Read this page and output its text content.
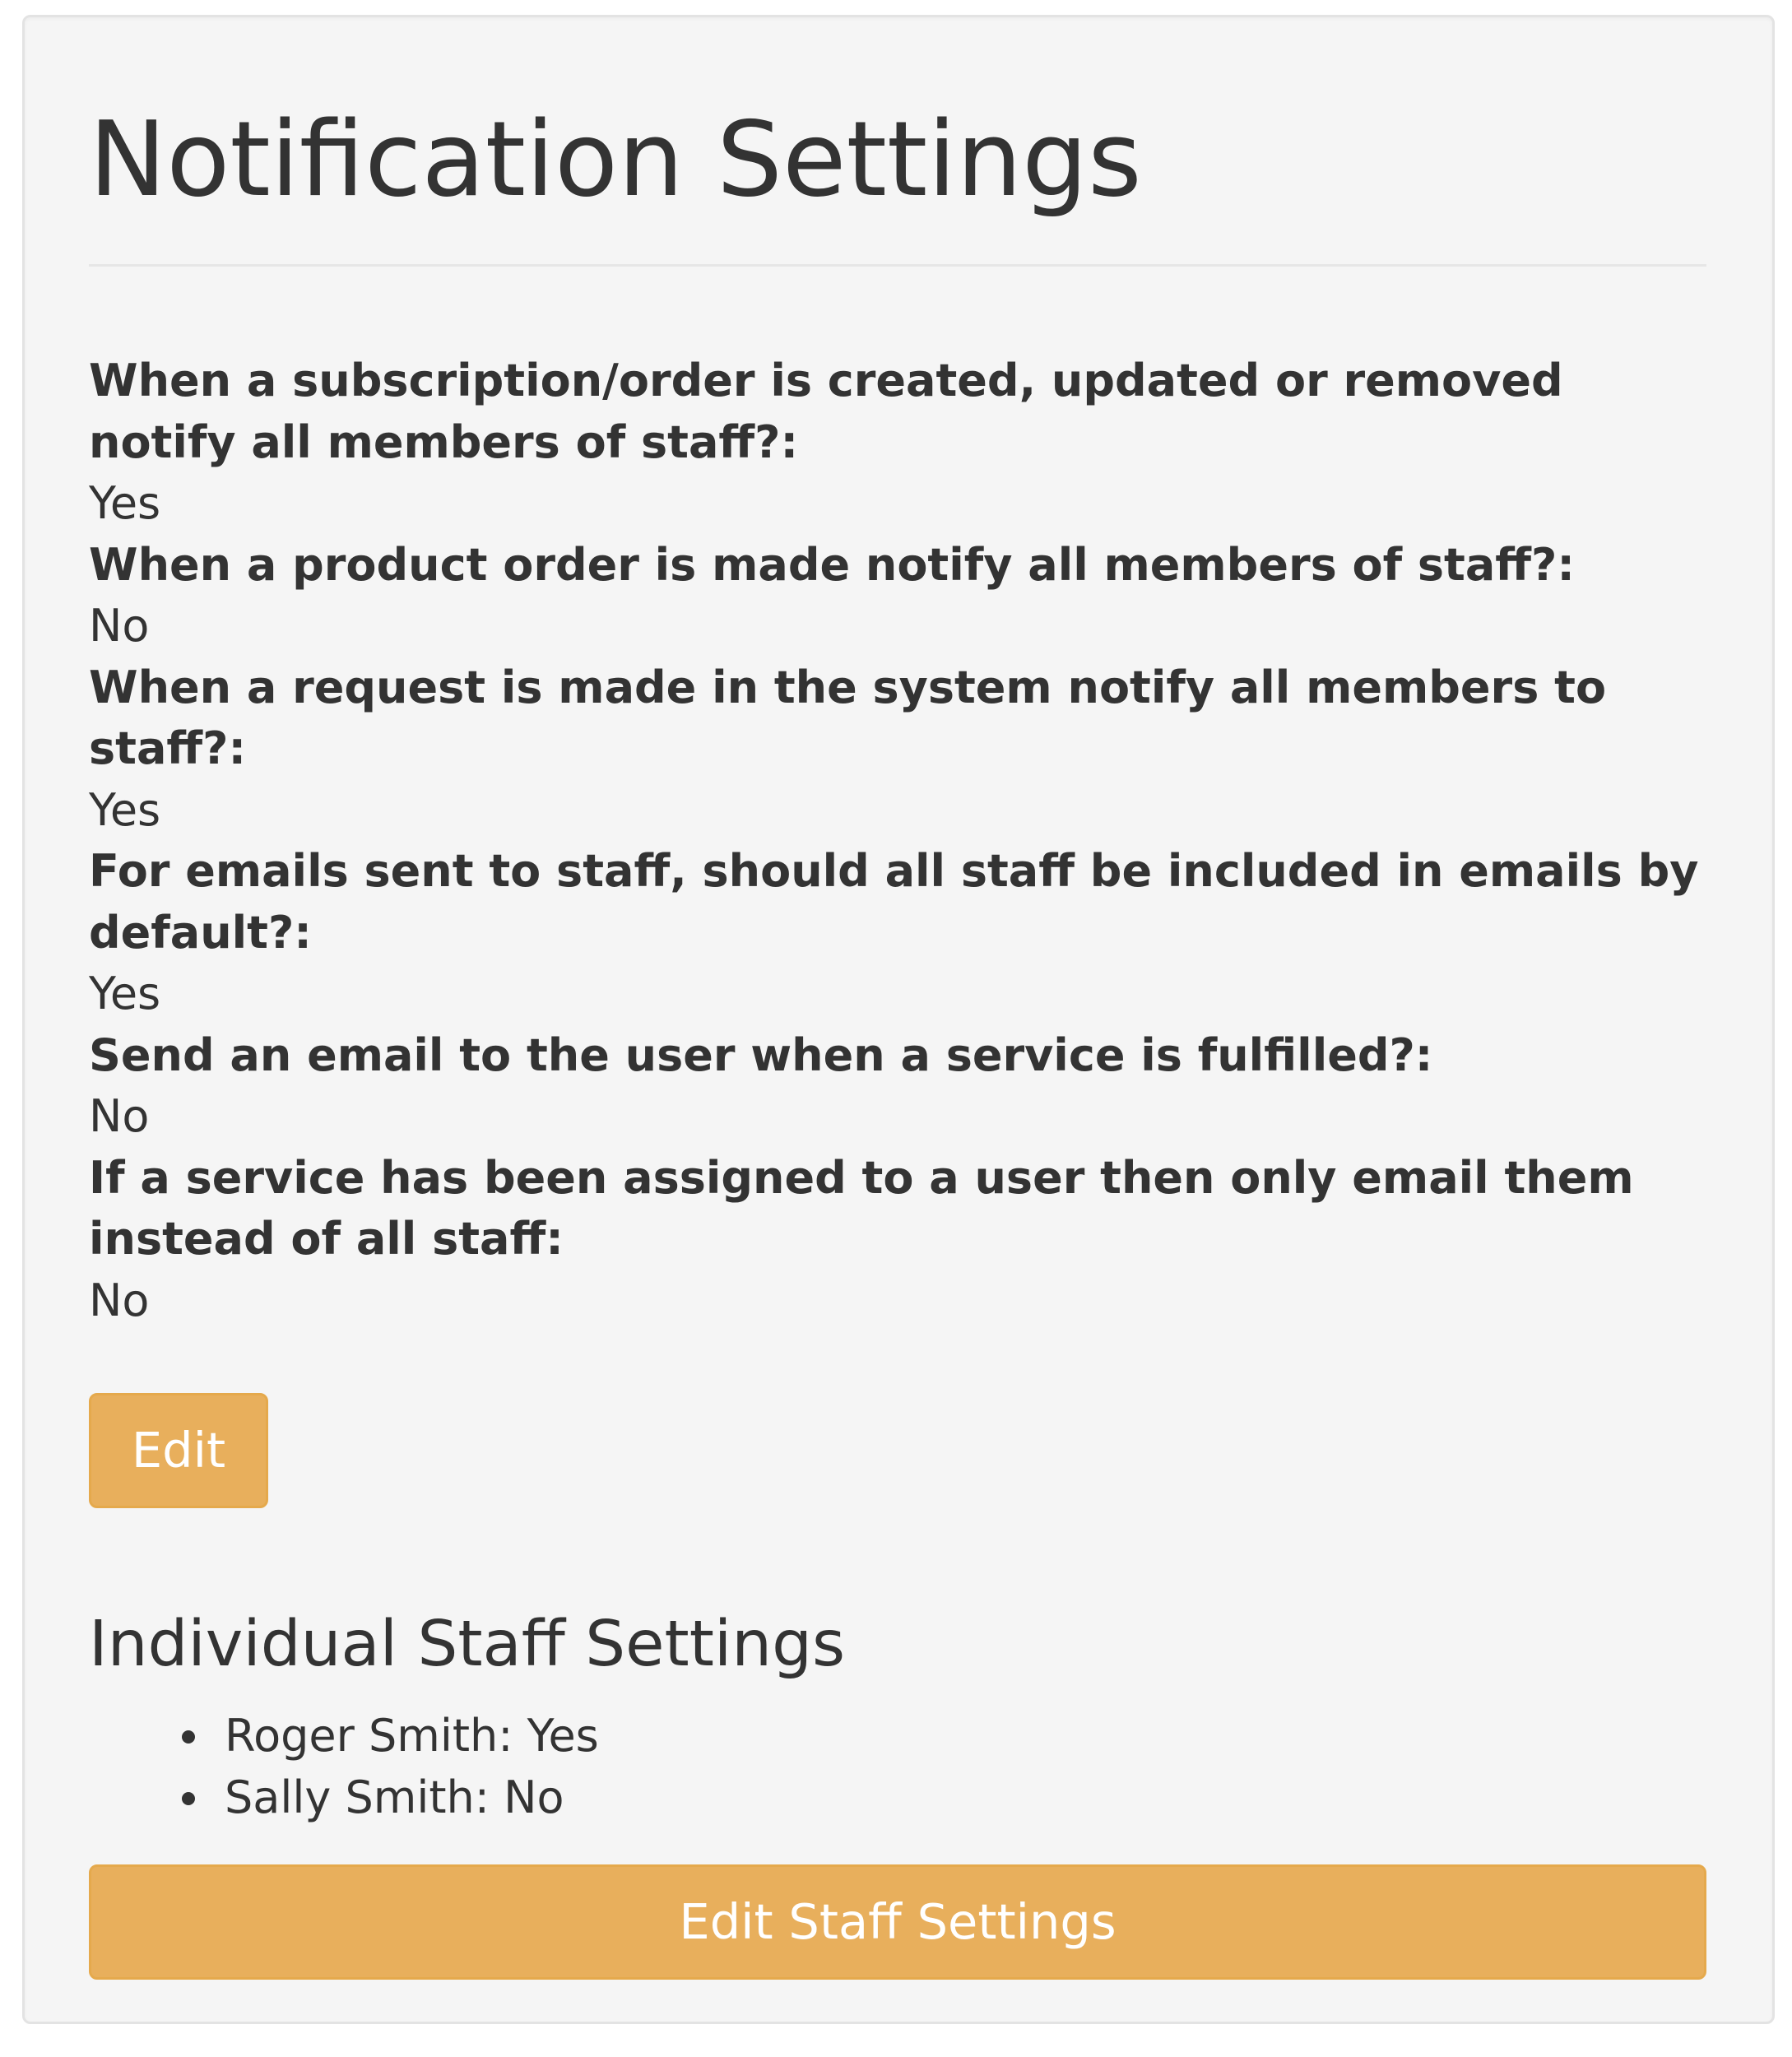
Notification Settings

When a subscription/order is created, updated or removed notify all members of staff?:

Yes

When a product order is made notify all members of staff?:

No

When a request is made in the system notify all members to staff?:

Yes

For emails sent to staff, should all staff be included in emails by default?:

Yes

Send an email to the user when a service is fulfilled?:

No

If a service has been assigned to a user then only email them instead of all staff:

No

Edit
Individual Staff Settings
Roger Smith: Yes
Sally Smith: No
Edit Staff Settings
